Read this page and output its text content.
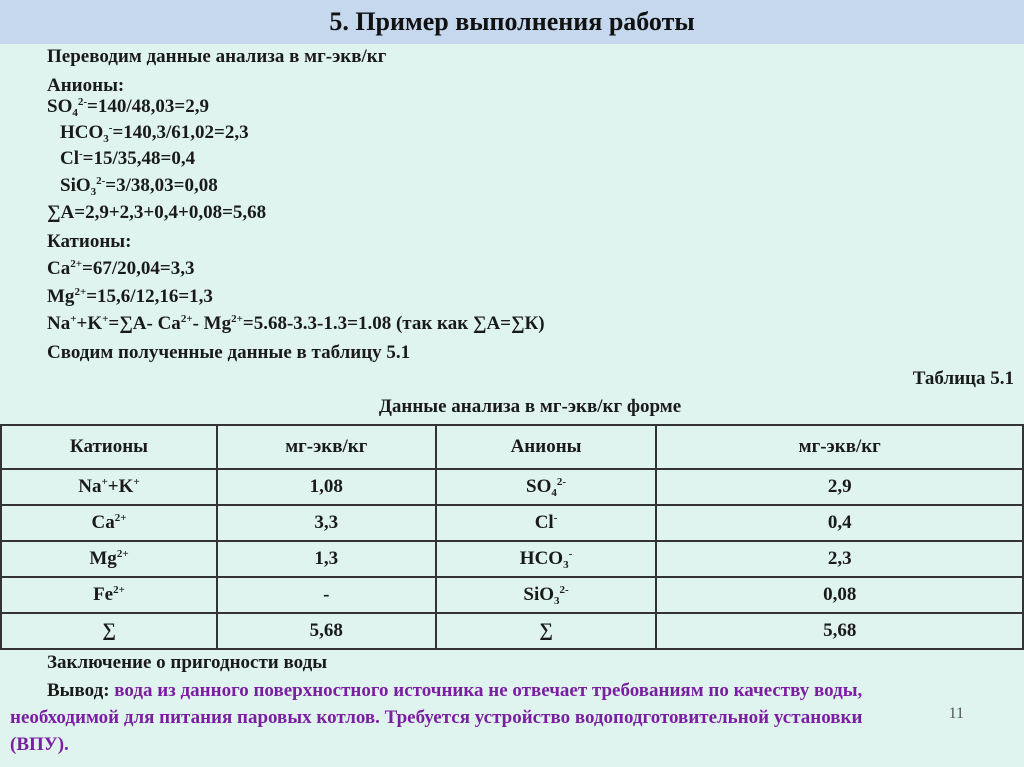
5. Пример выполнения работы
Переводим данные анализа в мг-экв/кг
Анионы:
$SO_4^{2-}=140/48,03=2,9$
$HCO_3^-=140,3/61,02=2,3$
Cl-=15/35,48=0,4
SiO$_3^{2-}$=3/38,03=0,08
∑А=2,9+2,3+0,4+0,08=5,68
Катионы:
$Ca^{2+}=67/20,04=3,3$
$Mg^{2+}=15,6/12,16=1,3$
Na++K+=∑А- $Ca^{2+}-$ $Mg^{2+}=5.68-3.3-1.3=1.08$ (так как ∑А=∑К)
Сводим полученные данные в таблицу 5.1
Таблица 5.1
Данные анализа в мг-экв/кг форме
Катионы	мг-экв/кг	Анионы	мг-экв/кг
Na++K+	1,08	$SO_4^{2-}$	2,9
$Ca^{2+}$	3,3	Cl-	0,4
$Mg^{2+}$	1,3	$HCO_3^-$	2,3
$Fe^{2+}$	-	SiO$_3^{2-}$	0,08
∑	5,68	∑	5,68
Заключение о пригодности воды
Вывод: вода из данного поверхностного источника не отвечает требованиям по качеству воды,
необходимой для питания паровых котлов. Требуется устройство водоподготовительной установки
(ВПУ).
11
